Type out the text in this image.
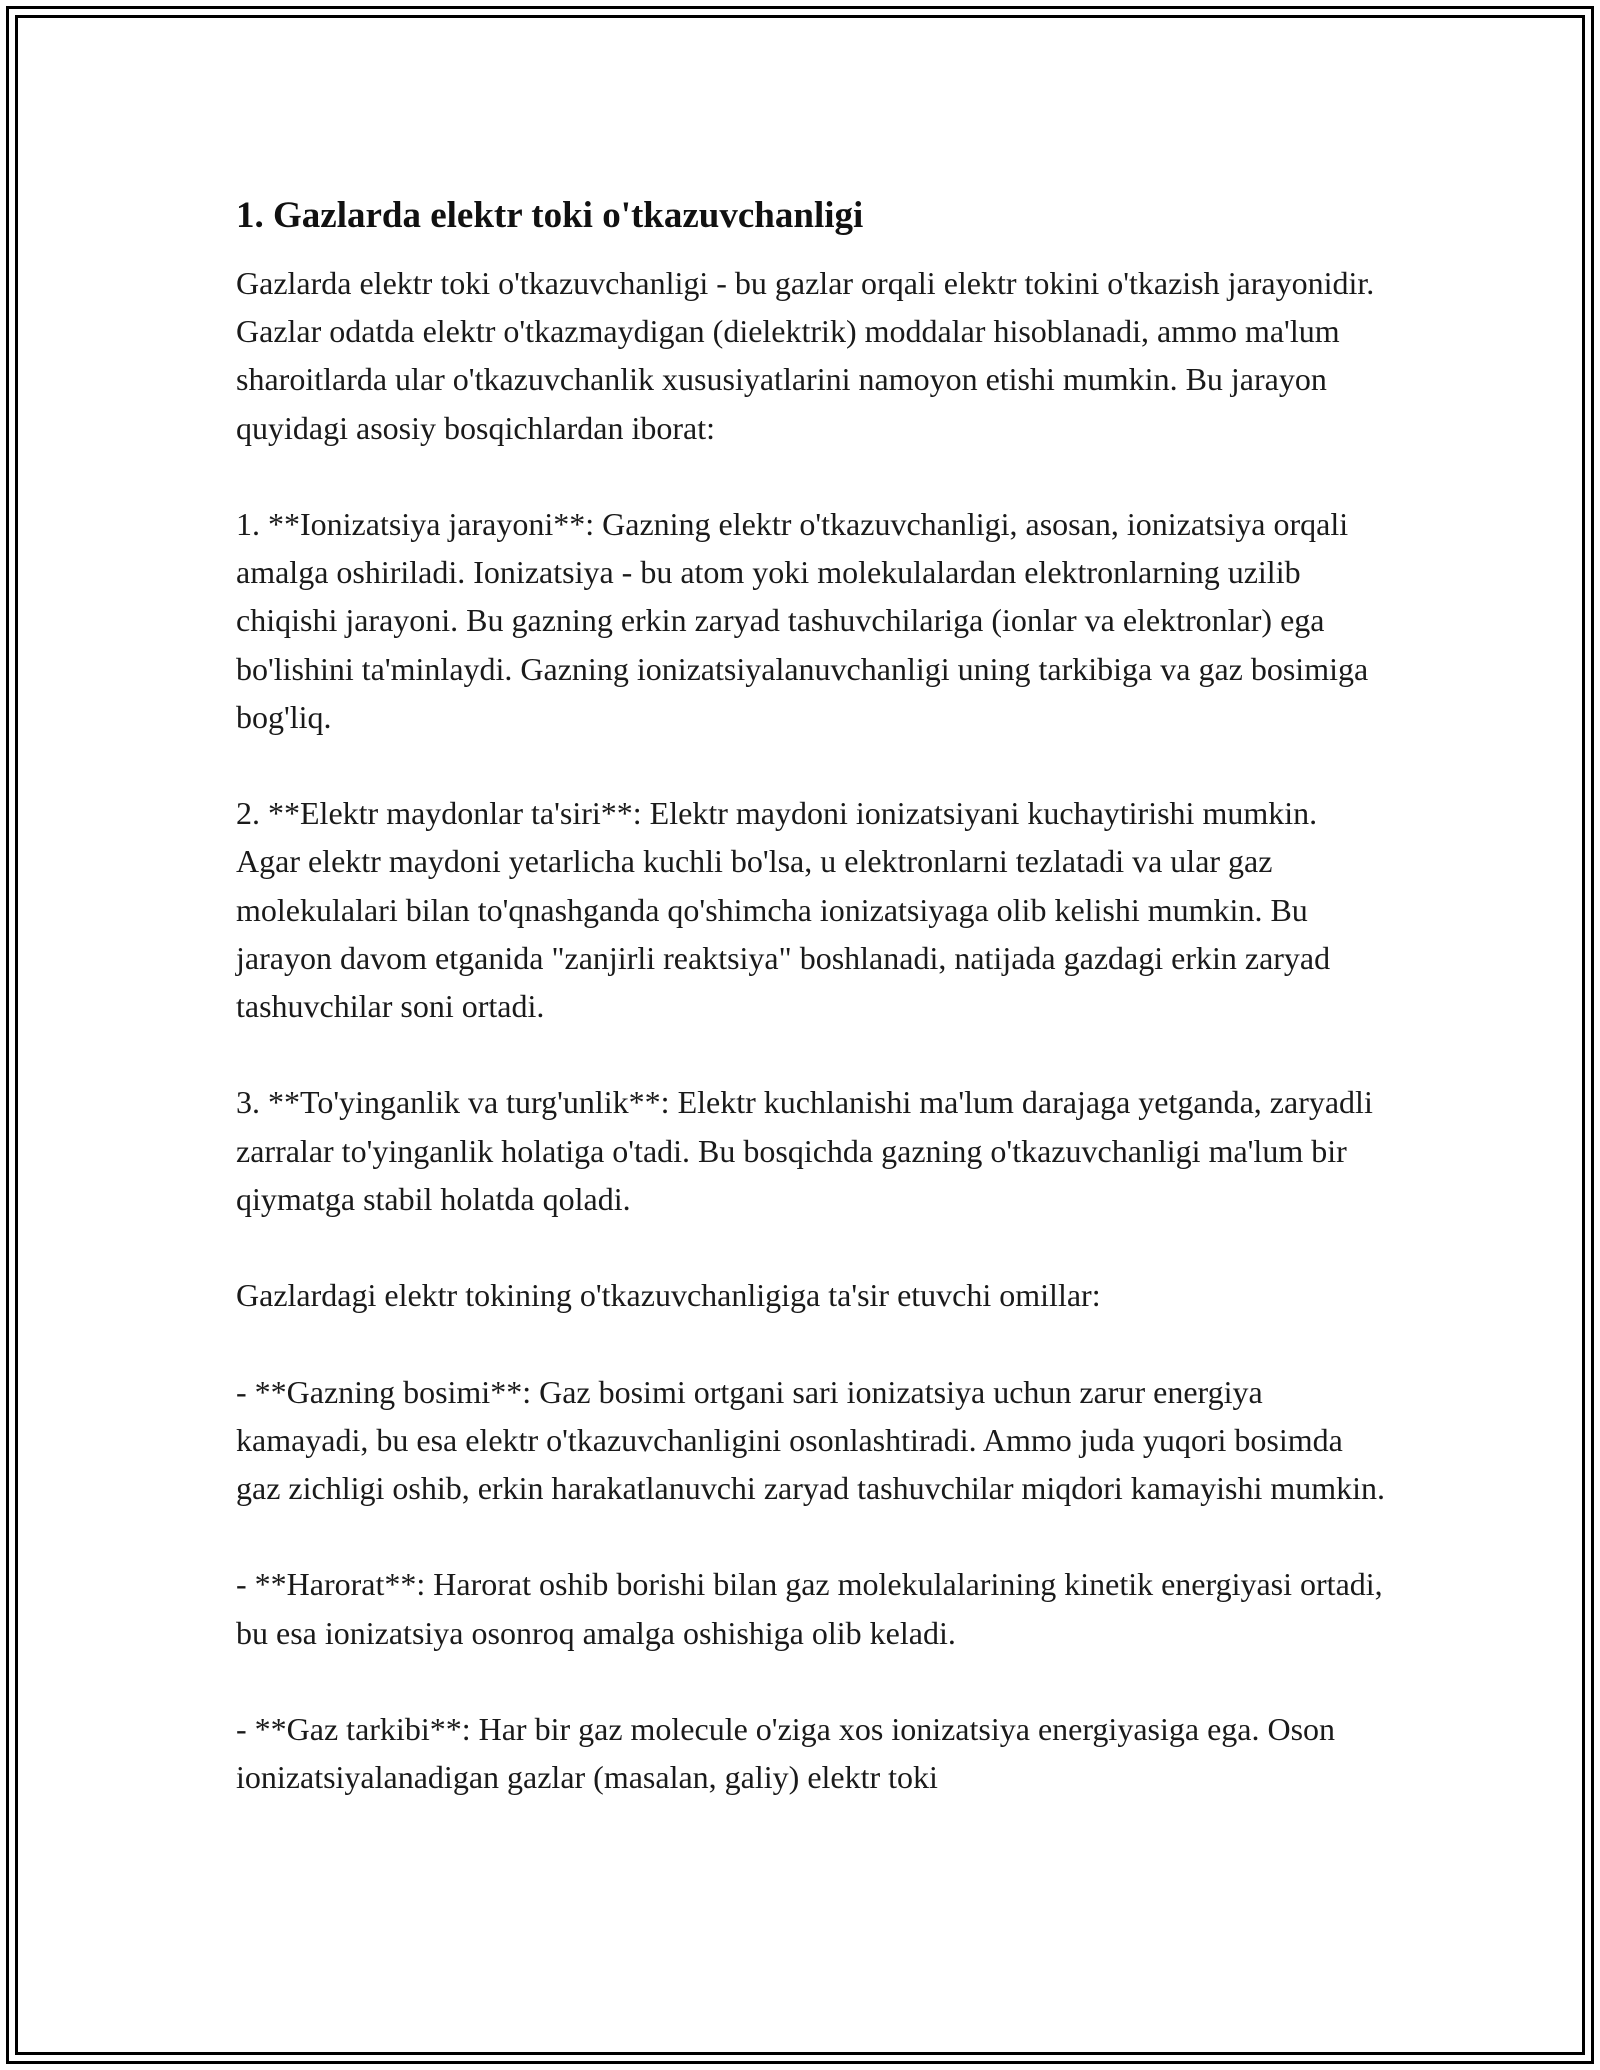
1. Gazlarda elektr toki o'tkazuvchanligi

Gazlarda elektr toki o'tkazuvchanligi - bu gazlar orqali elektr tokini o'tkazish jarayonidir. Gazlar odatda elektr o'tkazmaydigan (dielektrik) moddalar hisoblanadi, ammo ma'lum sharoitlarda ular o'tkazuvchanlik xususiyatlarini namoyon etishi mumkin. Bu jarayon quyidagi asosiy bosqichlardan iborat:

1. **Ionizatsiya jarayoni**: Gazning elektr o'tkazuvchanligi, asosan, ionizatsiya orqali amalga oshiriladi. Ionizatsiya - bu atom yoki molekulalardan elektronlarning uzilib chiqishi jarayoni. Bu gazning erkin zaryad tashuvchilariga (ionlar va elektronlar) ega bo'lishini ta'minlaydi. Gazning ionizatsiyalanuvchanligi uning tarkibiga va gaz bosimiga bog'liq.

2. **Elektr maydonlar ta'siri**: Elektr maydoni ionizatsiyani kuchaytirishi mumkin. Agar elektr maydoni yetarlicha kuchli bo'lsa, u elektronlarni tezlatadi va ular gaz molekulalari bilan to'qnashganda qo'shimcha ionizatsiyaga olib kelishi mumkin. Bu jarayon davom etganida "zanjirli reaktsiya" boshlanadi, natijada gazdagi erkin zaryad tashuvchilar soni ortadi.

3. **To'yinganlik va turg'unlik**: Elektr kuchlanishi ma'lum darajaga yetganda, zaryadli zarralar to'yinganlik holatiga o'tadi. Bu bosqichda gazning o'tkazuvchanligi ma'lum bir qiymatga stabil holatda qoladi.

Gazlardagi elektr tokining o'tkazuvchanligiga ta'sir etuvchi omillar:

- **Gazning bosimi**: Gaz bosimi ortgani sari ionizatsiya uchun zarur energiya kamayadi, bu esa elektr o'tkazuvchanligini osonlashtiradi. Ammo juda yuqori bosimda gaz zichligi oshib, erkin harakatlanuvchi zaryad tashuvchilar miqdori kamayishi mumkin.

- **Harorat**: Harorat oshib borishi bilan gaz molekulalarining kinetik energiyasi ortadi, bu esa ionizatsiya osonroq amalga oshishiga olib keladi.

- **Gaz tarkibi**: Har bir gaz molecule o'ziga xos ionizatsiya energiyasiga ega. Oson ionizatsiyalanadigan gazlar (masalan, galiy) elektr toki
